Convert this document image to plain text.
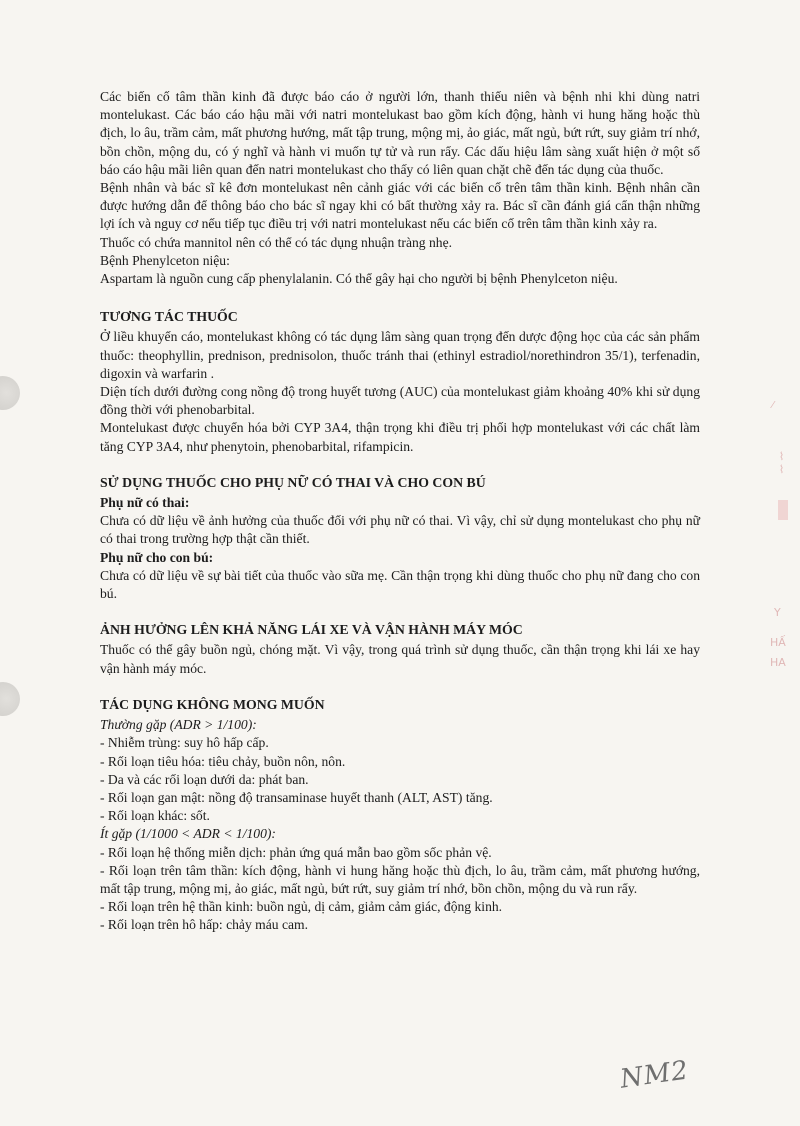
⁄
⌇⌇
Y
HẤ
HA

Các biến cố tâm thần kinh đã được báo cáo ở người lớn, thanh thiếu niên và bệnh nhi khi dùng natri montelukast. Các báo cáo hậu mãi với natri montelukast bao gồm kích động, hành vi hung hăng hoặc thù địch, lo âu, trầm cảm, mất phương hướng, mất tập trung, mộng mị, ảo giác, mất ngủ, bứt rứt, suy giảm trí nhớ, bồn chồn, mộng du, có ý nghĩ và hành vi muốn tự tử và run rẩy. Các dấu hiệu lâm sàng xuất hiện ở một số báo cáo hậu mãi liên quan đến natri montelukast cho thấy có liên quan chặt chẽ đến tác dụng của thuốc.

Bệnh nhân và bác sĩ kê đơn montelukast nên cảnh giác với các biến cố trên tâm thần kinh. Bệnh nhân cần được hướng dẫn để thông báo cho bác sĩ ngay khi có bất thường xảy ra. Bác sĩ cần đánh giá cẩn thận những lợi ích và nguy cơ nếu tiếp tục điều trị với natri montelukast nếu các biến cố trên tâm thần kinh xảy ra.

Thuốc có chứa mannitol nên có thể có tác dụng nhuận tràng nhẹ.

Bệnh Phenylceton niệu:

Aspartam là nguồn cung cấp phenylalanin. Có thể gây hại cho người bị bệnh Phenylceton niệu.

TƯƠNG TÁC THUỐC

Ở liều khuyến cáo, montelukast không có tác dụng lâm sàng quan trọng đến dược động học của các sản phẩm thuốc: theophyllin, prednison, prednisolon, thuốc tránh thai (ethinyl estradiol/norethindron 35/1), terfenadin, digoxin và warfarin .

Diện tích dưới đường cong nồng độ trong huyết tương (AUC) của montelukast giảm khoảng 40% khi sử dụng đồng thời với phenobarbital.

Montelukast được chuyển hóa bởi CYP 3A4, thận trọng khi điều trị phối hợp montelukast với các chất làm tăng CYP 3A4, như phenytoin, phenobarbital, rifampicin.

SỬ DỤNG THUỐC CHO PHỤ NỮ CÓ THAI VÀ CHO CON BÚ

Phụ nữ có thai:

Chưa có dữ liệu về ảnh hưởng của thuốc đối với phụ nữ có thai. Vì vậy, chỉ sử dụng montelukast cho phụ nữ có thai trong trường hợp thật cần thiết.

Phụ nữ cho con bú:

Chưa có dữ liệu về sự bài tiết của thuốc vào sữa mẹ. Cần thận trọng khi dùng thuốc cho phụ nữ đang cho con bú.

ẢNH HƯỞNG LÊN KHẢ NĂNG LÁI XE VÀ VẬN HÀNH MÁY MÓC

Thuốc có thể gây buồn ngủ, chóng mặt. Vì vậy, trong quá trình sử dụng thuốc, cần thận trọng khi lái xe hay vận hành máy móc.

TÁC DỤNG KHÔNG MONG MUỐN

Thường gặp (ADR > 1/100):

- Nhiễm trùng: suy hô hấp cấp.

- Rối loạn tiêu hóa: tiêu chảy, buồn nôn, nôn.

- Da và các rối loạn dưới da: phát ban.

- Rối loạn gan mật: nồng độ transaminase huyết thanh (ALT, AST) tăng.

- Rối loạn khác: sốt.

Ít gặp (1/1000 < ADR < 1/100):

- Rối loạn hệ thống miễn dịch: phản ứng quá mẫn bao gồm sốc phản vệ.

- Rối loạn trên tâm thần: kích động, hành vi hung hăng hoặc thù địch, lo âu, trầm cảm, mất phương hướng, mất tập trung, mộng mị, ảo giác, mất ngủ, bứt rứt, suy giảm trí nhớ, bồn chồn, mộng du và run rẩy.

- Rối loạn trên hệ thần kinh: buồn ngủ, dị cảm, giảm cảm giác, động kinh.

- Rối loạn trên hô hấp: chảy máu cam.

NM2
